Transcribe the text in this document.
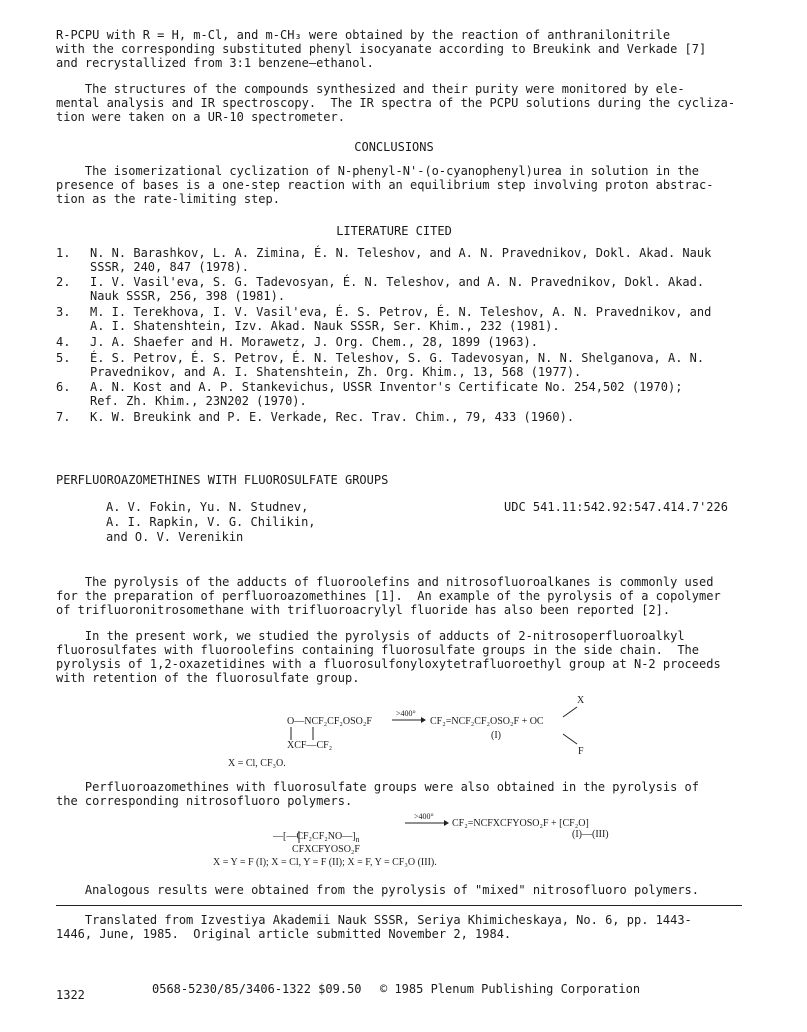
R-PCPU with R = H, m-Cl, and m-CH₃ were obtained by the reaction of anthranilonitrile

with the corresponding substituted phenyl isocyanate according to Breukink and Verkade [7]

and recrystallized from 3:1 benzene—ethanol.

The structures of the compounds synthesized and their purity were monitored by ele-

mental analysis and IR spectroscopy.  The IR spectra of the PCPU solutions during the cycliza-

tion were taken on a UR-10 spectrometer.

CONCLUSIONS

The isomerizational cyclization of N-phenyl-N'-(o-cyanophenyl)urea in solution in the

presence of bases is a one-step reaction with an equilibrium step involving proton abstrac-

tion as the rate-limiting step.

LITERATURE CITED
1. N. N. Barashkov, L. A. Zimina, É. N. Teleshov, and A. N. Pravednikov, Dokl. Akad. Nauk
SSSR, 240, 847 (1978).
2. I. V. Vasil'eva, S. G. Tadevosyan, É. N. Teleshov, and A. N. Pravednikov, Dokl. Akad.
Nauk SSSR, 256, 398 (1981).
3. M. I. Terekhova, I. V. Vasil'eva, É. S. Petrov, É. N. Teleshov, A. N. Pravednikov, and
A. I. Shatenshtein, Izv. Akad. Nauk SSSR, Ser. Khim., 232 (1981).
4. J. A. Shaefer and H. Morawetz, J. Org. Chem., 28, 1899 (1963).
5. É. S. Petrov, É. S. Petrov, É. N. Teleshov, S. G. Tadevosyan, N. N. Shelganova, A. N.
Pravednikov, and A. I. Shatenshtein, Zh. Org. Khim., 13, 568 (1977).
6. A. N. Kost and A. P. Stankevichus, USSR Inventor's Certificate No. 254,502 (1970);
Ref. Zh. Khim., 23N202 (1970).
7. K. W. Breukink and P. E. Verkade, Rec. Trav. Chim., 79, 433 (1960).
PERFLUOROAZOMETHINES WITH FLUOROSULFATE GROUPS

A. V. Fokin, Yu. N. Studnev,

A. I. Rapkin, V. G. Chilikin,

and O. V. Verenikin

UDC 541.11:542.92:547.414.7'226

The pyrolysis of the adducts of fluoroolefins and nitrosofluoroalkanes is commonly used

for the preparation of perfluoroazomethines [1].  An example of the pyrolysis of a copolymer

of trifluoronitrosomethane with trifluoroacrylyl fluoride has also been reported [2].

In the present work, we studied the pyrolysis of adducts of 2-nitrosoperfluoroalkyl

fluorosulfates with fluoroolefins containing fluorosulfate groups in the side chain.  The

pyrolysis of 1,2-oxazetidines with a fluorosulfonyloxytetrafluoroethyl group at N-2 proceeds

with retention of the fluorosulfate group.

O—NCF₂CF₂OSO₂F
XCF—CF₂
>400°
CF₂=NCF₂CF₂OSO₂F + OC
(I)
X
F
X = Cl, CF₃O.

Perfluoroazomethines with fluorosulfate groups were also obtained in the pyrolysis of

the corresponding nitrosofluoro polymers.

$—[—CF_2CF_2NO—]_n$

CFXCFYOSO₂F
>400°
CF₂=NCFXCFYOSO₂F + [CF₂O]
(I)—(III)
X = Y = F (I); X = Cl, Y = F (II); X = F, Y = CF₃O (III).

Analogous results were obtained from the pyrolysis of "mixed" nitrosofluoro polymers.

Translated from Izvestiya Akademii Nauk SSSR, Seriya Khimicheskaya, No. 6, pp. 1443-

1446, June, 1985.  Original article submitted November 2, 1984.

1322	0568-5230/85/3406-1322 $09.50 © 1985 Plenum Publishing Corporation
